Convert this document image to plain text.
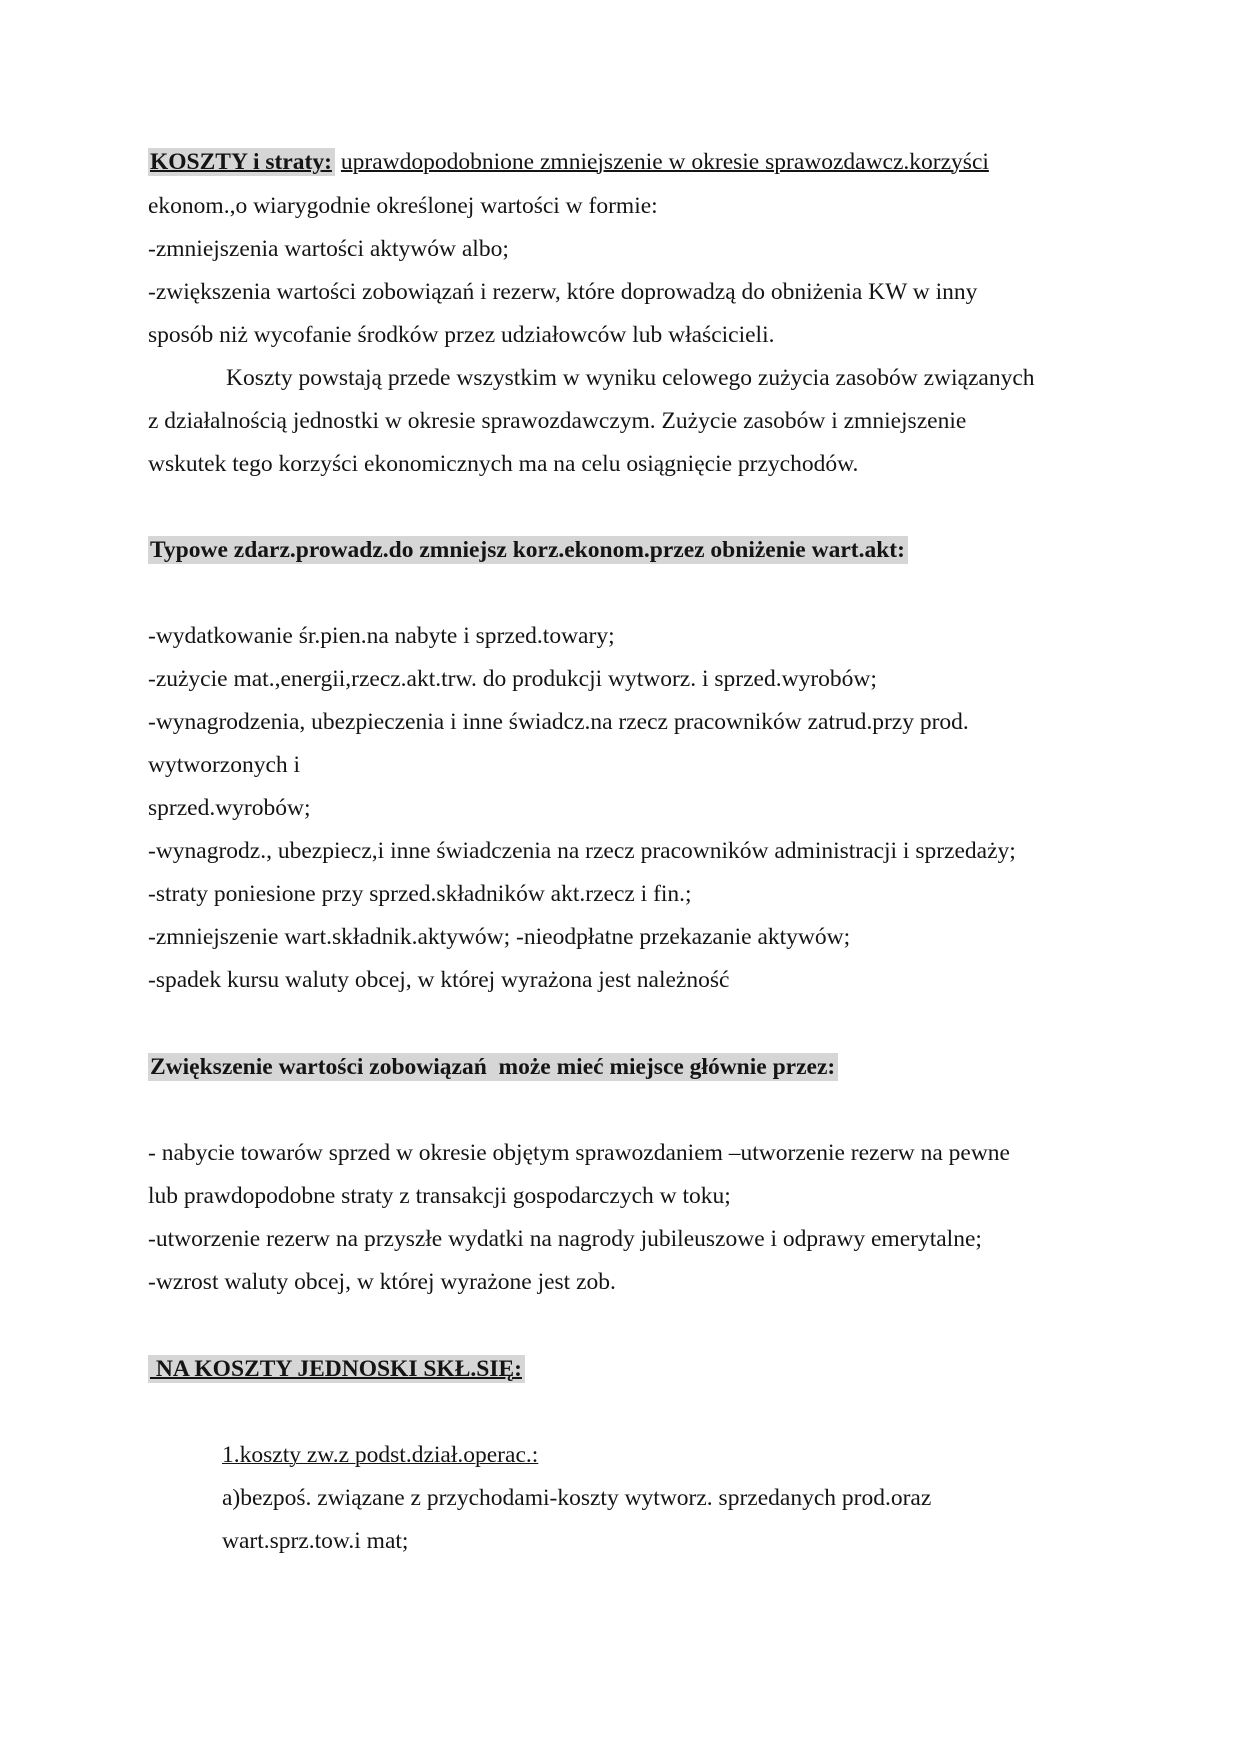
KOSZTY i straty: uprawdopodobnione zmniejszenie w okresie sprawozdawcz.korzyści
ekonom.,o wiarygodnie określonej wartości w formie:
-zmniejszenia wartości aktywów albo;
-zwiększenia wartości zobowiązań i rezerw, które doprowadzą do obniżenia KW w inny
sposób niż wycofanie środków przez udziałowców lub właścicieli.
Koszty powstają przede wszystkim w wyniku celowego zużycia zasobów związanych
z działalnością jednostki w okresie sprawozdawczym. Zużycie zasobów i zmniejszenie
wskutek tego korzyści ekonomicznych ma na celu osiągnięcie przychodów.
Typowe zdarz.prowadz.do zmniejsz korz.ekonom.przez obniżenie wart.akt:
-wydatkowanie śr.pien.na nabyte i sprzed.towary;
-zużycie mat.,energii,rzecz.akt.trw. do produkcji wytworz. i sprzed.wyrobów;
-wynagrodzenia, ubezpieczenia i inne świadcz.na rzecz pracowników zatrud.przy prod.
wytworzonych i
sprzed.wyrobów;
-wynagrodz., ubezpiecz,i inne świadczenia na rzecz pracowników administracji i sprzedaży;
-straty poniesione przy sprzed.składników akt.rzecz i fin.;
-zmniejszenie wart.składnik.aktywów; -nieodpłatne przekazanie aktywów;
-spadek kursu waluty obcej, w której wyrażona jest należność
Zwiększenie wartości zobowiązań  może mieć miejsce głównie przez:
- nabycie towarów sprzed w okresie objętym sprawozdaniem –utworzenie rezerw na pewne
lub prawdopodobne straty z transakcji gospodarczych w toku;
-utworzenie rezerw na przyszłe wydatki na nagrody jubileuszowe i odprawy emerytalne;
-wzrost waluty obcej, w której wyrażone jest zob.
NA KOSZTY JEDNOSKI SKŁ.SIĘ:
1.koszty zw.z podst.dział.operac.:
a)bezpoś. związane z przychodami-koszty wytworz. sprzedanych prod.oraz
wart.sprz.tow.i mat;
